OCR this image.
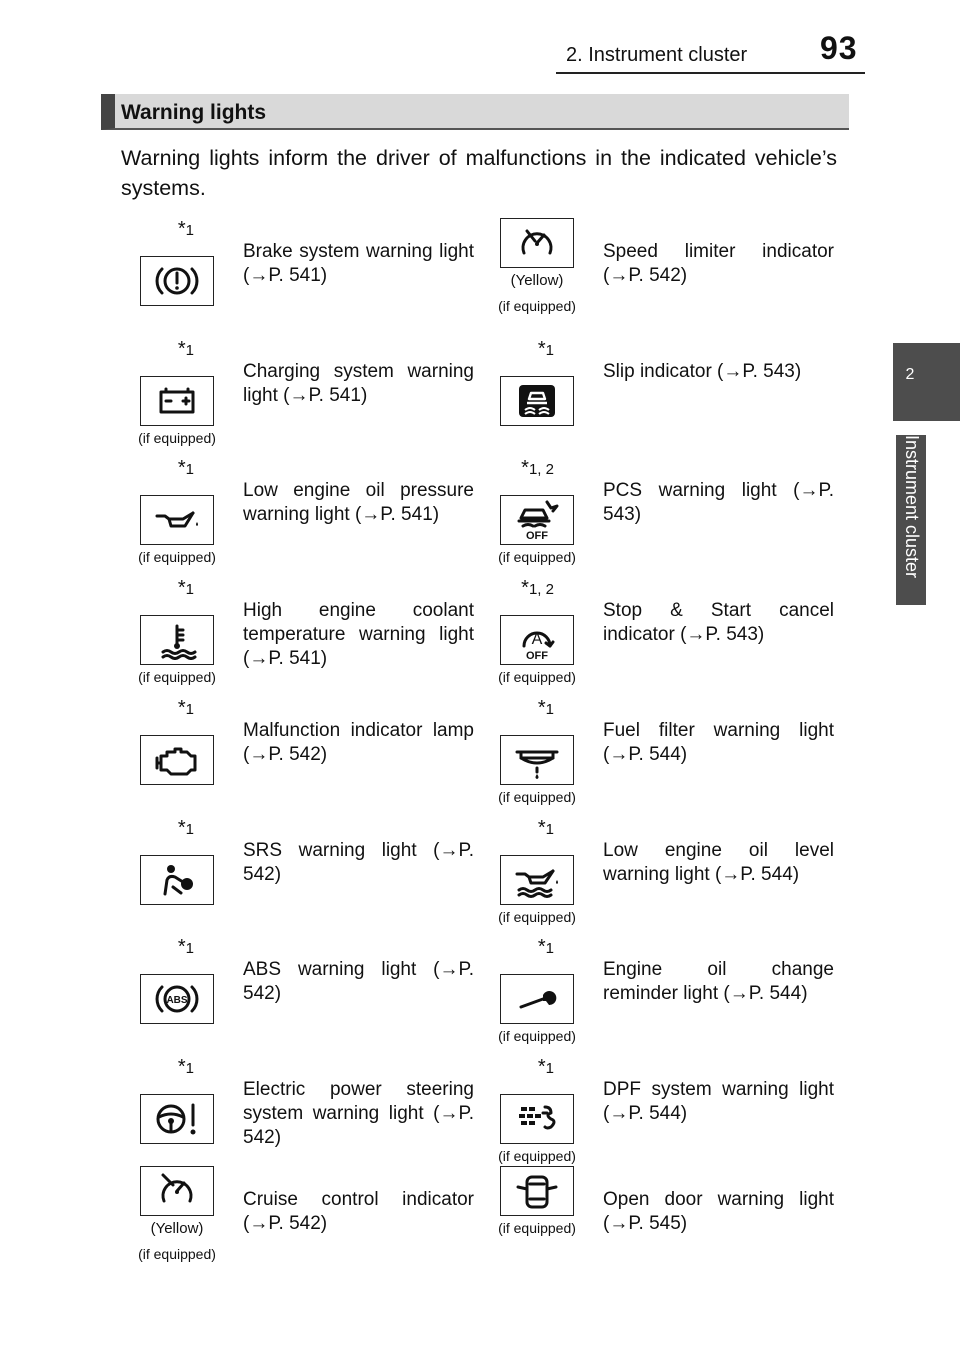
2. Instrument cluster 93
2
Instrument cluster
Warning lights
Warning lights inform the driver of malfunctions in the indicated vehicle’s systems.
*1
Brake system warning light (→P. 541)	(Yellow)
(if equipped)
Speed limiter indicator (→P. 542)
*1
(if equipped)
Charging system warning light (→P. 541)
*1
Slip indicator (→P. 543)
*1
(if equipped)
Low engine oil pressure warning light (→P. 541)
*1, 2
OFF
(if equipped)
PCS warning light (→P. 543)
*1
(if equipped)
High engine coolant temperature warning light (→P. 541)
*1, 2
A
OFF
(if equipped)
Stop & Start cancel indicator (→P. 543)
*1
Malfunction indicator lamp (→P. 542)
*1
(if equipped)
Fuel filter warning light (→P. 544)
*1
SRS warning light (→P. 542)
*1
(if equipped)
Low engine oil level warning light (→P. 544)
*1
ABS
ABS warning light (→P. 542)
*1
(if equipped)
Engine oil change reminder light (→P. 544)
*1
Electric power steering system warning light (→P. 542)
*1
(if equipped)
DPF system warning light (→P. 544)
(Yellow)
(if equipped)
Cruise control indicator (→P. 542)	(if equipped)
Open door warning light (→P. 545)
